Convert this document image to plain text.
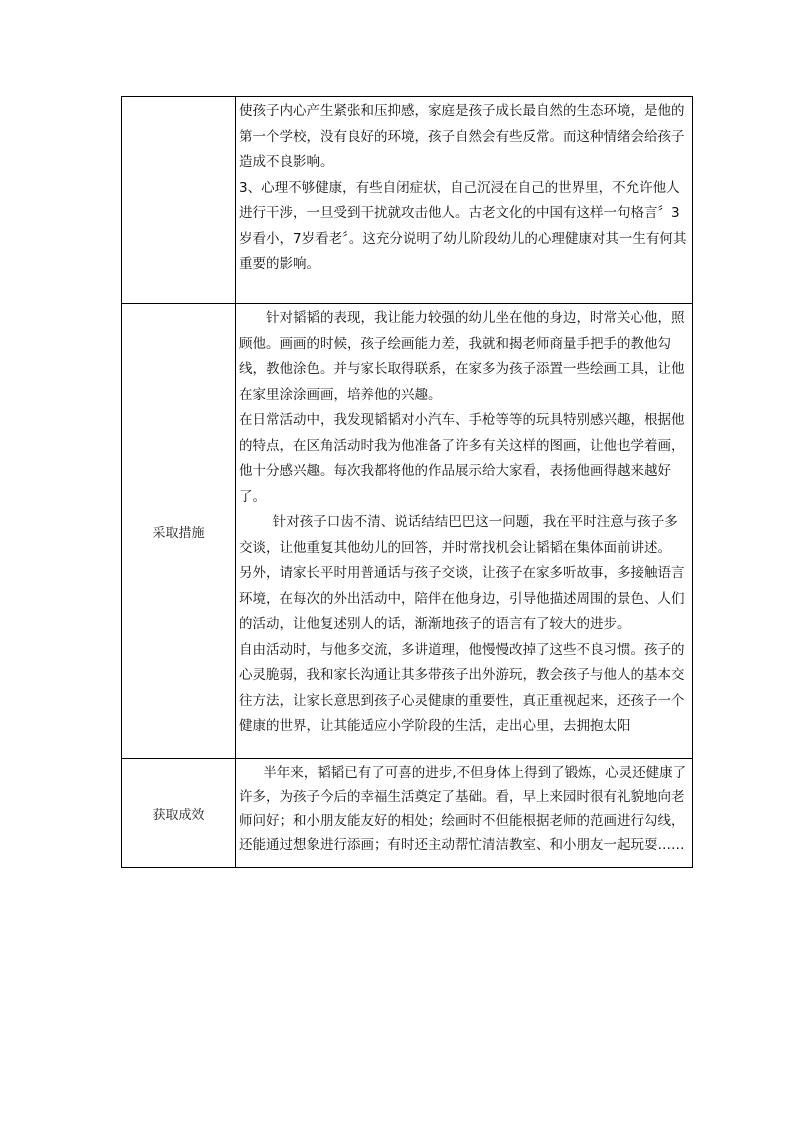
	使孩子内心产生紧张和压抑感，家庭是孩子成长最自然的生态环境，是他的第一个学校，没有良好的环境，孩子自然会有些反常。而这种情绪会给孩子造成不良影响。

3、心理不够健康，有些自闭症状，自己沉浸在自己的世界里，不允许他人进行干涉，一旦受到干扰就攻击他人。古老文化的中国有这样一句格言〞3岁看小，7岁看老〞。这充分说明了幼儿阶段幼儿的心理健康对其一生有何其重要的影响。

采取措施	针对韬韬的表现，我让能力较强的幼儿坐在他的身边，时常关心他，照顾他。画画的时候，孩子绘画能力差，我就和揭老师商量手把手的教他勾线，教他涂色。并与家长取得联系，在家多为孩子添置一些绘画工具，让他在家里涂涂画画，培养他的兴趣。

在日常活动中，我发现韬韬对小汽车、手枪等等的玩具特别感兴趣，根据他的特点，在区角活动时我为他准备了许多有关这样的图画，让他也学着画，他十分感兴趣。每次我都将他的作品展示给大家看，表扬他画得越来越好了。

针对孩子口齿不清、说话结结巴巴这一问题，我在平时注意与孩子多交谈，让他重复其他幼儿的回答，并时常找机会让韬韬在集体面前讲述。　　　另外，请家长平时用普通话与孩子交谈，让孩子在家多听故事，多接触语言环境，在每次的外出活动中，陪伴在他身边，引导他描述周围的景色、人们的活动，让他复述别人的话，渐渐地孩子的语言有了较大的进步。

自由活动时，与他多交流，多讲道理，他慢慢改掉了这些不良习惯。孩子的心灵脆弱，我和家长沟通让其多带孩子出外游玩，教会孩子与他人的基本交往方法，让家长意思到孩子心灵健康的重要性，真正重视起来，还孩子一个健康的世界，让其能适应小学阶段的生活，走出心里，去拥抱太阳

获取成效	半年来，韬韬已有了可喜的进步,不但身体上得到了锻炼，心灵还健康了许多，为孩子今后的幸福生活奠定了基础。看，早上来园时很有礼貌地向老师问好；和小朋友能友好的相处；绘画时不但能根据老师的范画进行勾线，还能通过想象进行添画；有时还主动帮忙清洁教室、和小朋友一起玩耍……
